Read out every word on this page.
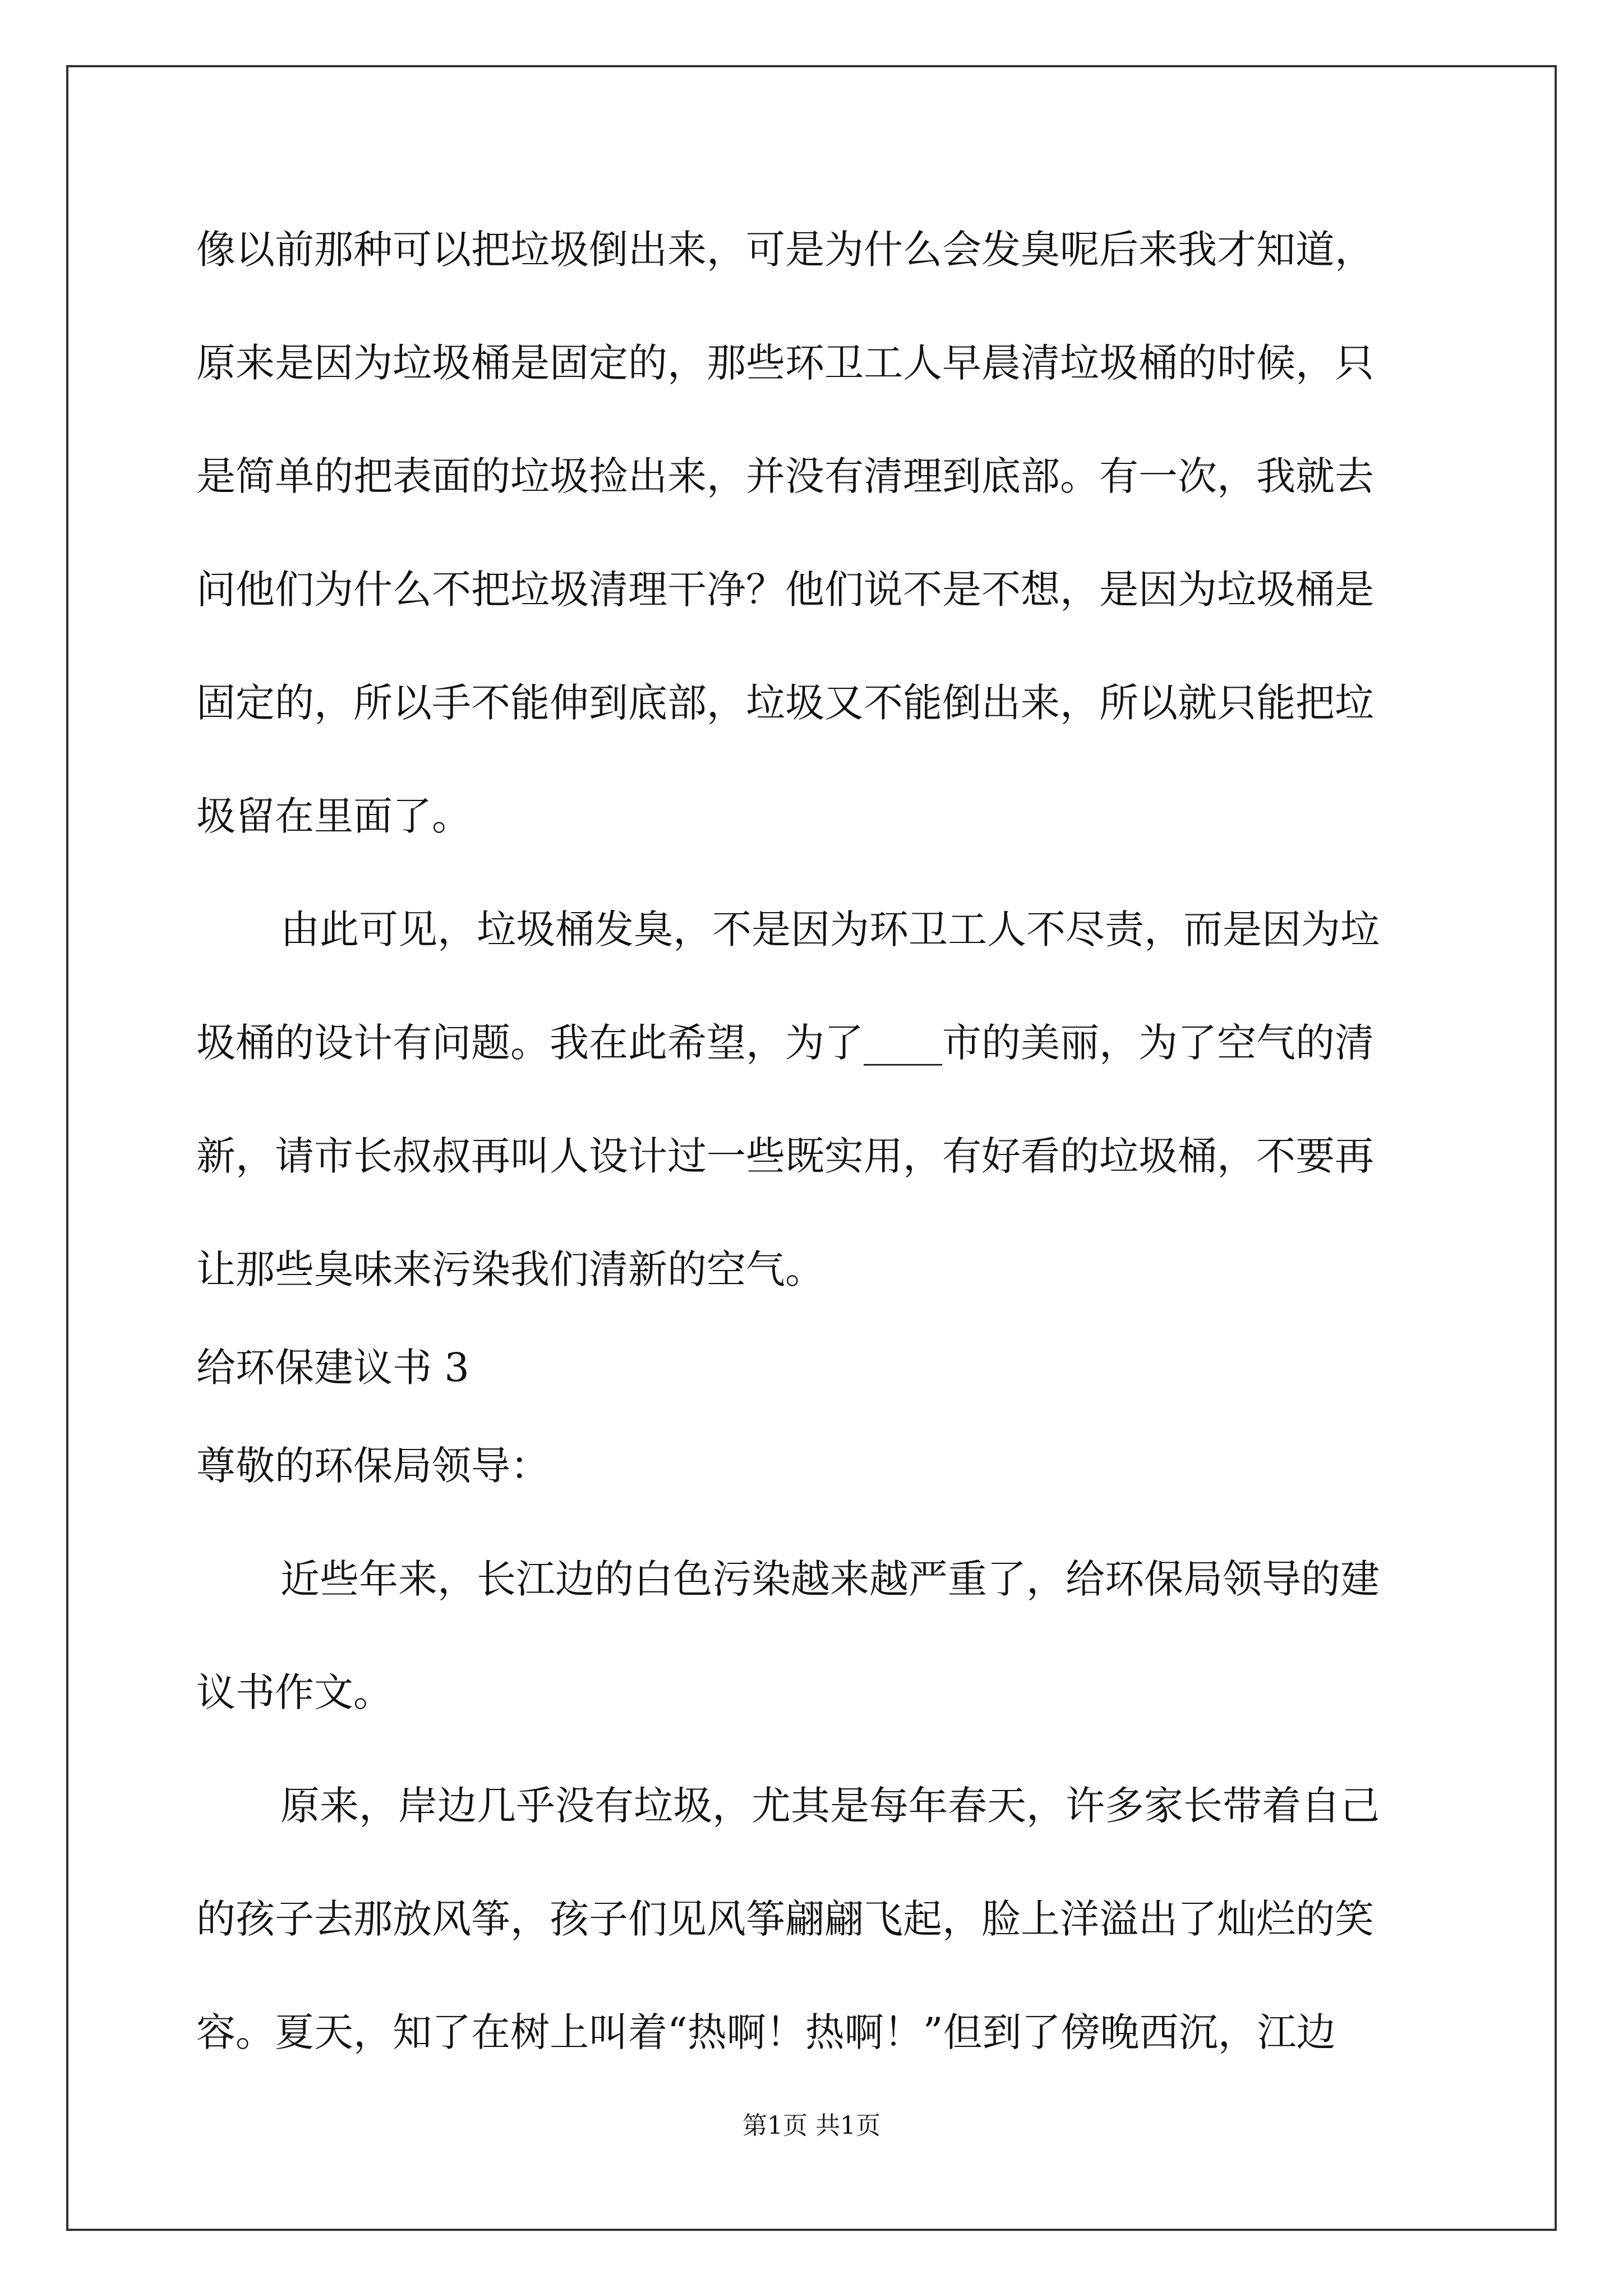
像以前那种可以把垃圾倒出来，可是为什么会发臭呢后来我才知道，
原来是因为垃圾桶是固定的，那些环卫工人早晨清垃圾桶的时候，只
是简单的把表面的垃圾捡出来，并没有清理到底部。有一次，我就去
问他们为什么不把垃圾清理干净？他们说不是不想，是因为垃圾桶是
固定的，所以手不能伸到底部，垃圾又不能倒出来，所以就只能把垃
圾留在里面了。
由此可见，垃圾桶发臭，不是因为环卫工人不尽责，而是因为垃
圾桶的设计有问题。我在此希望，为了____市的美丽，为了空气的清
新，请市长叔叔再叫人设计过一些既实用，有好看的垃圾桶，不要再
让那些臭味来污染我们清新的空气。
给环保建议书 3
尊敬的环保局领导：
近些年来，长江边的白色污染越来越严重了，给环保局领导的建
议书作文。
原来，岸边几乎没有垃圾，尤其是每年春天，许多家长带着自己
的孩子去那放风筝，孩子们见风筝翩翩飞起，脸上洋溢出了灿烂的笑
容。夏天，知了在树上叫着“热啊！热啊！”但到了傍晚西沉，江边
第1页 共1页
